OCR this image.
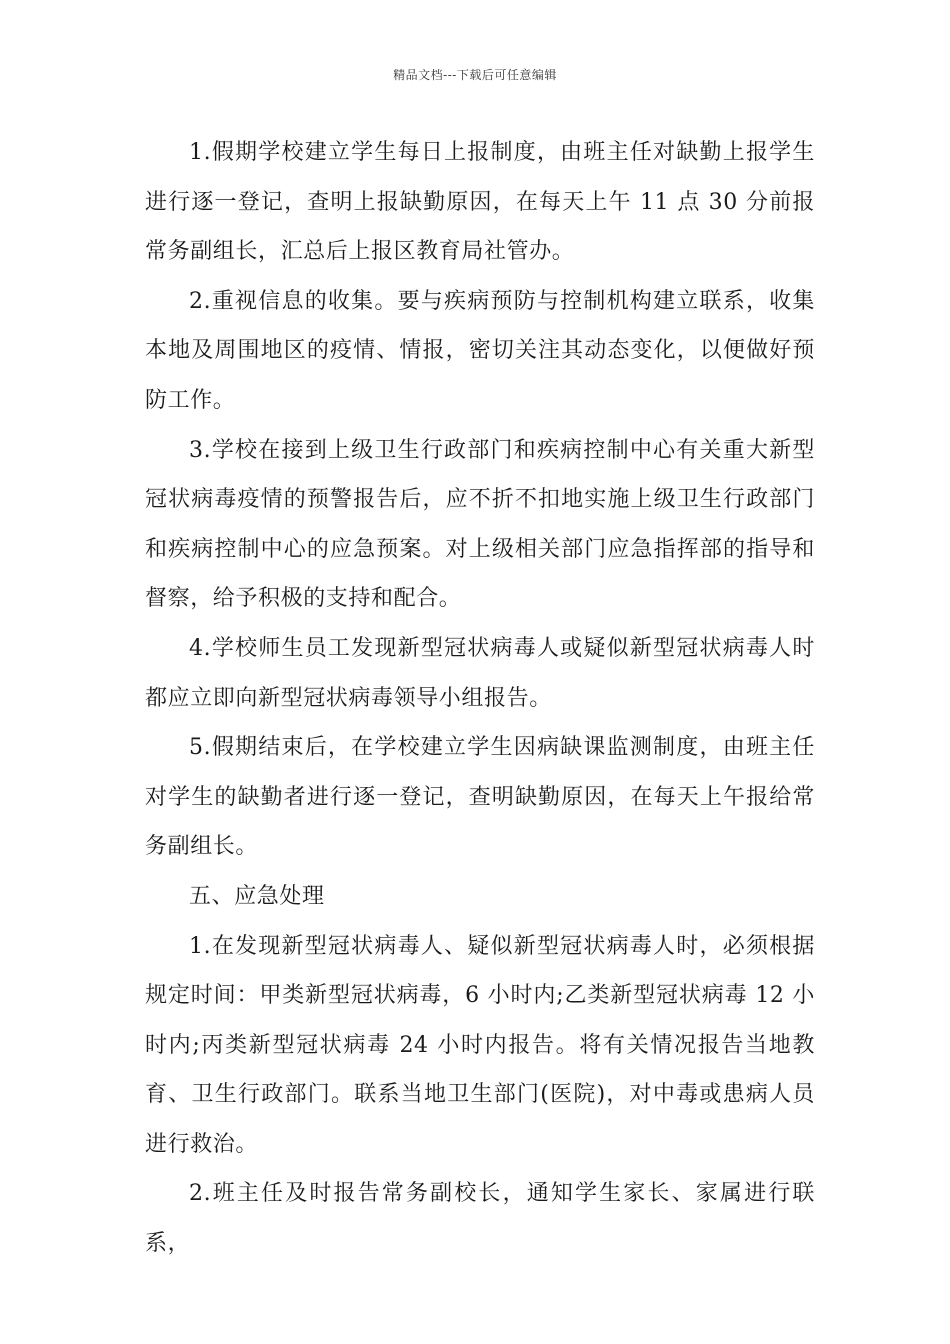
精品文档---下载后可任意编辑

1.假期学校建立学生每日上报制度，由班主任对缺勤上报学生进行逐一登记，查明上报缺勤原因，在每天上午 11 点 30 分前报常务副组长，汇总后上报区教育局社管办。

2.重视信息的收集。要与疾病预防与控制机构建立联系，收集本地及周围地区的疫情、情报，密切关注其动态变化，以便做好预防工作。

3.学校在接到上级卫生行政部门和疾病控制中心有关重大新型冠状病毒疫情的预警报告后，应不折不扣地实施上级卫生行政部门和疾病控制中心的应急预案。对上级相关部门应急指挥部的指导和督察，给予积极的支持和配合。

4.学校师生员工发现新型冠状病毒人或疑似新型冠状病毒人时都应立即向新型冠状病毒领导小组报告。

5.假期结束后，在学校建立学生因病缺课监测制度，由班主任对学生的缺勤者进行逐一登记，查明缺勤原因，在每天上午报给常务副组长。

五、应急处理

1.在发现新型冠状病毒人、疑似新型冠状病毒人时，必须根据规定时间：甲类新型冠状病毒，6 小时内;乙类新型冠状病毒 12 小时内;丙类新型冠状病毒 24 小时内报告。将有关情况报告当地教育、卫生行政部门。联系当地卫生部门(医院)，对中毒或患病人员进行救治。

2.班主任及时报告常务副校长，通知学生家长、家属进行联系，
